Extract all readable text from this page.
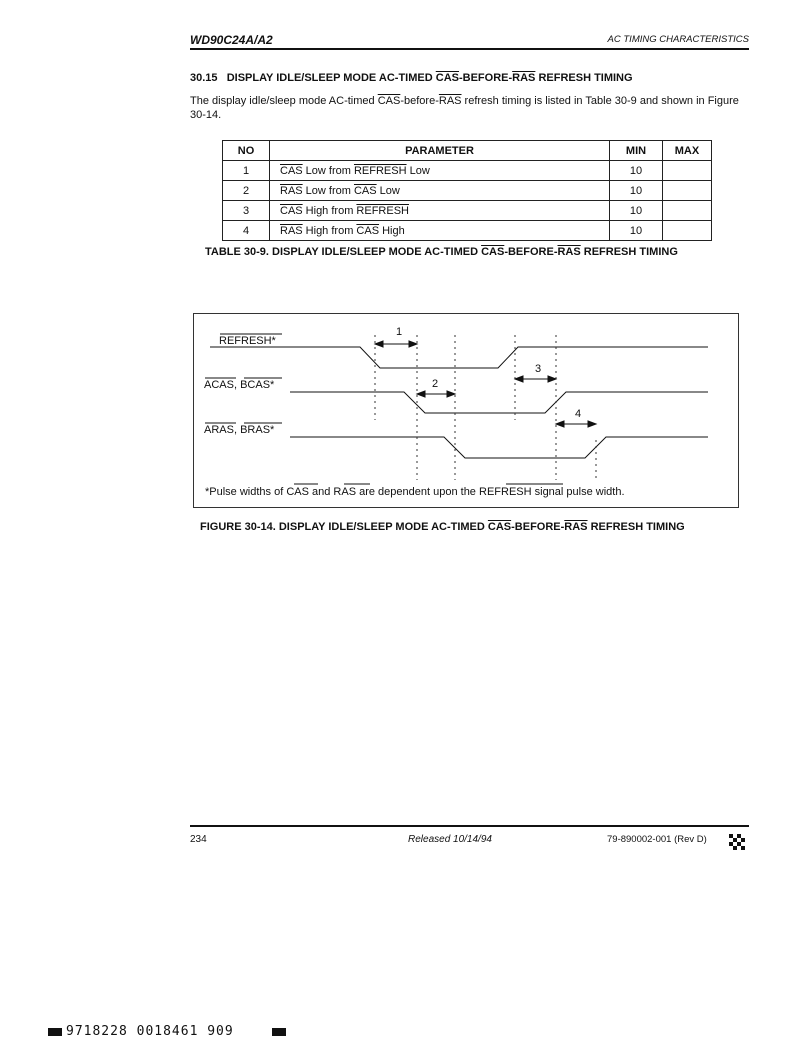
WD90C24A/A2	AC TIMING CHARACTERISTICS
30.15 DISPLAY IDLE/SLEEP MODE AC-TIMED $\overline{CAS}-BEFORE-\overline{RAS}$ REFRESH TIMING
The display idle/sleep mode AC-timed $\overline{CAS}-before-\overline{RAS}$ refresh timing is listed in Table 30-9 and shown in Figure 30-14.
NO	PARAMETER	MIN	MAX
1	$\overline{CAS}$ Low from REFRESH Low	10	
2	$\overline{RAS}$ Low from $\overline{CAS}$ Low	10	
3	$\overline{CAS}$ High from REFRESH	10	
4	$\overline{RAS}$ High from $\overline{CAS}$ High	10	
TABLE 30-9. DISPLAY IDLE/SLEEP MODE AC-TIMED $\overline{CAS}-BEFORE-\overline{RAS}$ REFRESH TIMING
REFRESH*
ACAS, BCAS*
ARAS, BRAS*
1
2
3
4
*Pulse widths of CAS and RAS are dependent upon the REFRESH signal pulse width.
FIGURE 30-14. DISPLAY IDLE/SLEEP MODE AC-TIMED $\overline{CAS}-BEFORE-\overline{RAS}$ REFRESH TIMING
234	Released 10/14/94	79-890002-001 (Rev D)
9718228 0018461 909
